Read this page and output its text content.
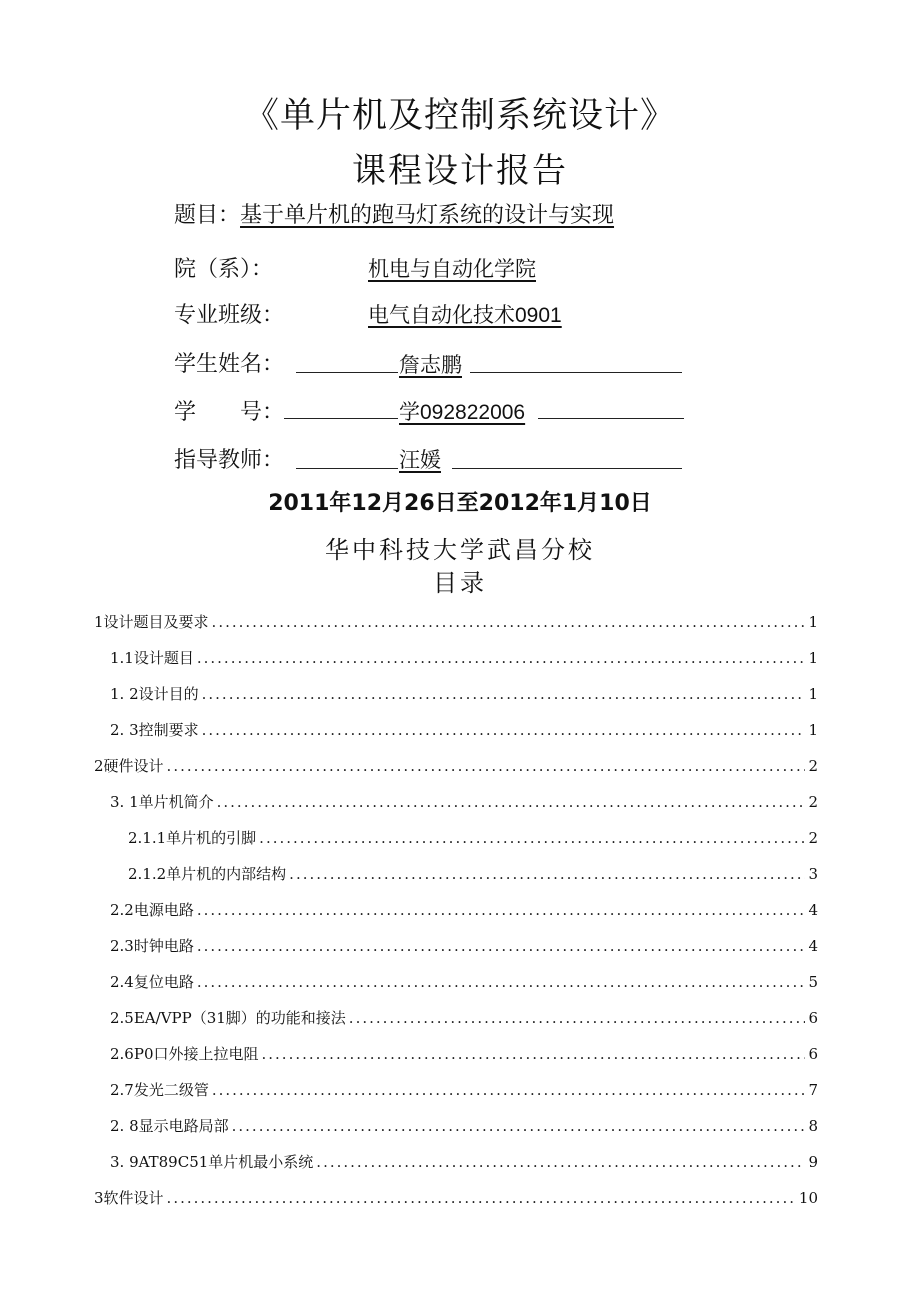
《单片机及控制系统设计》
课程设计报告
题目：基于单片机的跑马灯系统的设计与实现
院（系）：	机电与自动化学院
专业班级：	电气自动化技术0901
学生姓名：	詹志鹏
学　　号：	学092822006
指导教师：	汪媛
2011年12月26日至2012年1月10日
华中科技大学武昌分校
目录
1设计题目及要求 .....	1
1.1设计题目 .....	1
1. 2设计目的 .....	1
2. 3控制要求 .....	1
2硬件设计 .....	2
3. 1单片机简介 .....	2
2.1.1单片机的引脚 .....	2
2.1.2单片机的内部结构 .....	3
2.2电源电路 .....	4
2.3时钟电路 .....	4
2.4复位电路 .....	5
2.5EA/VPP（31脚）的功能和接法 .....	6
2.6P0口外接上拉电阻 .....	6
2.7发光二级管 .....	7
2. 8显示电路局部 .....	8
3. 9AT89C51单片机最小系统 .....	9
3软件设计 .....	10
